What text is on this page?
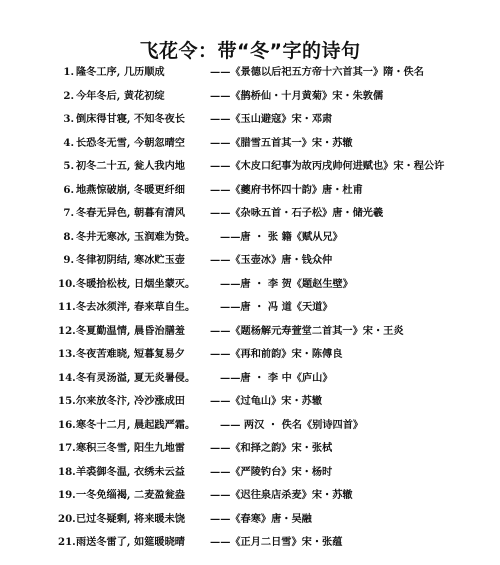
飞花令：带“冬”字的诗句
1. 隆冬工序, 几历顺成	——《景德以后祀五方帝十六首其一》隋・佚名
2. 今年冬后, 黄花初绽	——《鹊桥仙・十月黄菊》宋・朱敦儒
3. 倒床得甘寝, 不知冬夜长 ——《玉山避寇》宋・邓肃
4. 长恐冬无雪, 今朝忽晴空 ——《腊雪五首其一》宋・苏辙
5. 初冬二十五, 瓮人我内地 ——《木皮口纪事为故丙戌帅何进赋也》宋・程公许
6. 地燕惊破崩, 冬暖更纤细 ——《夔府书怀四十韵》唐・杜甫
7. 冬春无异色, 朝暮有清风 ——《杂咏五首・石子松》唐・储光羲
8. 冬井无寒冰, 玉润难为贽。 ——唐 ・ 张 籍《赋从兄》
9. 冬律初阴结, 寒冰贮玉壶 ——《玉壶冰》唐・钱众仲
10. 冬暖拾松枝, 日烟坐蒙灭。 ——唐 ・ 李 贺《题赵生壁》
11. 冬去冰须泮, 春来草自生。 ——唐 ・ 冯 道《天道》
12. 冬夏勤温情, 晨昏治膳羞 ——《题杨解元寿萱堂二首其一》宋・王炎
13. 冬夜苦难晓, 短暮复易夕 ——《再和前韵》宋・陈傅良
14. 冬有灵汤溢, 夏无炎暑侵。 ——唐 ・ 李 中《庐山》
15. 尔来放冬汴, 冷沙涨成田 ——《过龟山》宋・苏辙
16. 寒冬十二月, 晨起践严霜。 —— 两汉 ・ 佚名《别诗四首》
17. 寒积三冬雪, 阳生九地雷 ——《和择之韵》宋・张栻
18. 羊裘御冬温, 衣绣未云益 ——《严陵钓台》宋・杨时
19. 一冬免缁褐, 二麦盈瓮盎 ——《迟往泉店杀麦》宋・苏辙
20. 已过冬疑剩, 将来暖未饶 ——《春寒》唐・吴融
21. 雨送冬雷了, 如筵暖晓晴 ——《正月二日雪》宋・张蕴
